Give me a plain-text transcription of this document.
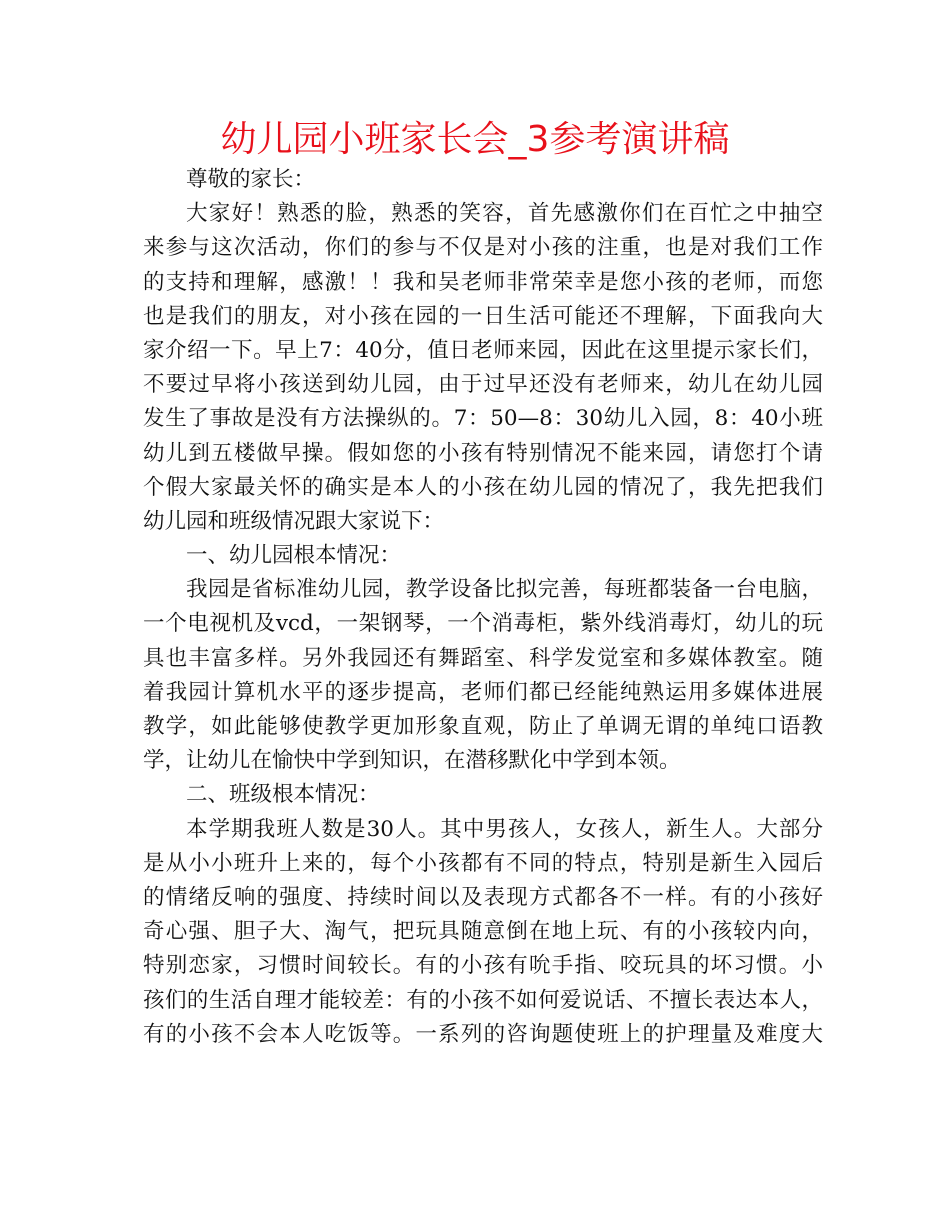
幼儿园小班家长会_3参考演讲稿
尊敬的家长：
大家好！熟悉的脸，熟悉的笑容，首先感激你们在百忙之中抽空
来参与这次活动，你们的参与不仅是对小孩的注重，也是对我们工作
的支持和理解，感激！！我和吴老师非常荣幸是您小孩的老师，而您
也是我们的朋友，对小孩在园的一日生活可能还不理解，下面我向大
家介绍一下。早上7：40分，值日老师来园，因此在这里提示家长们，
不要过早将小孩送到幼儿园，由于过早还没有老师来，幼儿在幼儿园
发生了事故是没有方法操纵的。7：50—8：30幼儿入园，8：40小班
幼儿到五楼做早操。假如您的小孩有特别情况不能来园，请您打个请
个假大家最关怀的确实是本人的小孩在幼儿园的情况了，我先把我们
幼儿园和班级情况跟大家说下：
一、幼儿园根本情况：
我园是省标准幼儿园，教学设备比拟完善，每班都装备一台电脑，
一个电视机及vcd，一架钢琴，一个消毒柜，紫外线消毒灯，幼儿的玩
具也丰富多样。另外我园还有舞蹈室、科学发觉室和多媒体教室。随
着我园计算机水平的逐步提高，老师们都已经能纯熟运用多媒体进展
教学，如此能够使教学更加形象直观，防止了单调无谓的单纯口语教
学，让幼儿在愉快中学到知识，在潜移默化中学到本领。
二、班级根本情况：
本学期我班人数是30人。其中男孩人，女孩人，新生人。大部分
是从小小班升上来的，每个小孩都有不同的特点，特别是新生入园后
的情绪反响的强度、持续时间以及表现方式都各不一样。有的小孩好
奇心强、胆子大、淘气，把玩具随意倒在地上玩、有的小孩较内向，
特别恋家，习惯时间较长。有的小孩有吮手指、咬玩具的坏习惯。小
孩们的生活自理才能较差：有的小孩不如何爱说话、不擅长表达本人，
有的小孩不会本人吃饭等。一系列的咨询题使班上的护理量及难度大
